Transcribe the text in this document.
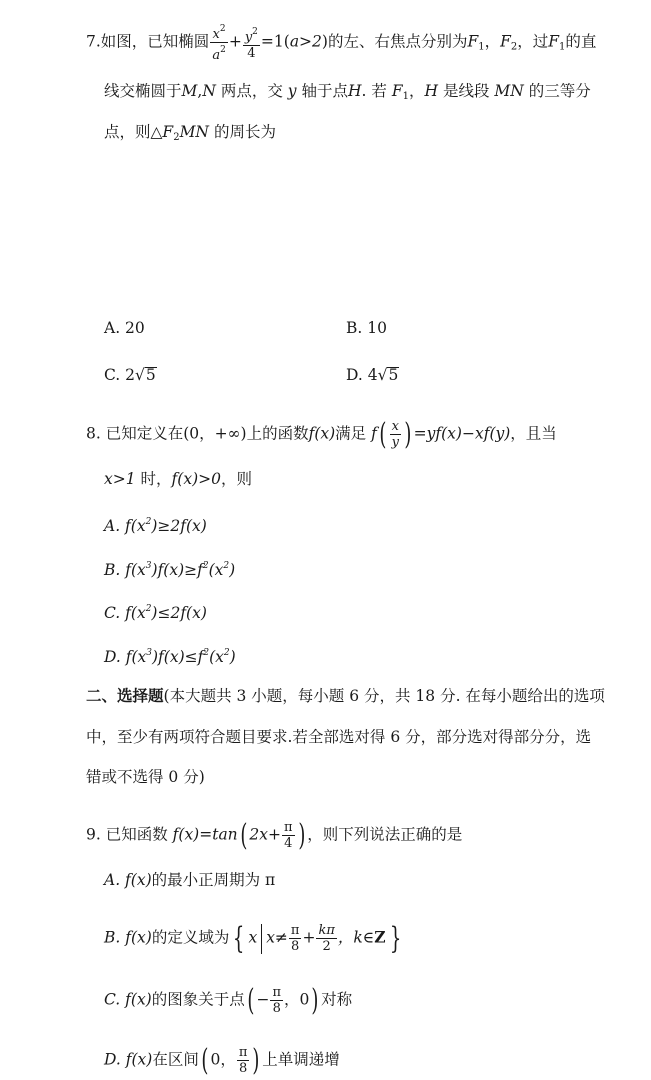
7.如图，已知椭圆 $\frac{x^2}{a^2} + \frac{y^2}{4} =1(a>2)$的左、右焦点分别为$F_1$，$F_2$，过$F_1$的直
线交椭圆于M,N 两点，交 y 轴于点H. 若 $F_1$，H 是线段 MN 的三等分
点，则$\triangle F_2MN$ 的周长为
A. 20	B. 10
C. 2√5	D. 4√5
8. 已知定义在(0，+∞)上的函数f(x)满足 $f( \frac{x}{y}$ ) =yf(x)−xf(y)，且当
x>1 时，f(x)>0，则
A. $f(x^2)\ge 2f(x)$
B. $f(x^3)f(x)\ge f^2(x^2)$
C. $f(x^2)\le 2f(x)$
D. $f(x^3)f(x)\le f^2(x^2)$
二、选择题(本大题共 3 小题，每小题 6 分，共 18 分. 在每小题给出的选项
中，至少有两项符合题目要求.若全部选对得 6 分，部分选对得部分分，选
错或不选得 0 分)
9. 已知函数 f(x)=tan( $2x+ \frac{\pi}{4}$ ) ，则下列说法正确的是
A. f(x)的最小正周期为 π
B. f(x)的定义域为 { x $x\ne \frac{\pi}{8} + \frac{k\pi}{2}$ ，k∈Z }
C. f(x)的图象关于点( − $\frac{\pi}{8}$ ，0) 对称
D. f(x)在区间( 0， $\frac{\pi}{8}$ ) 上单调递增
